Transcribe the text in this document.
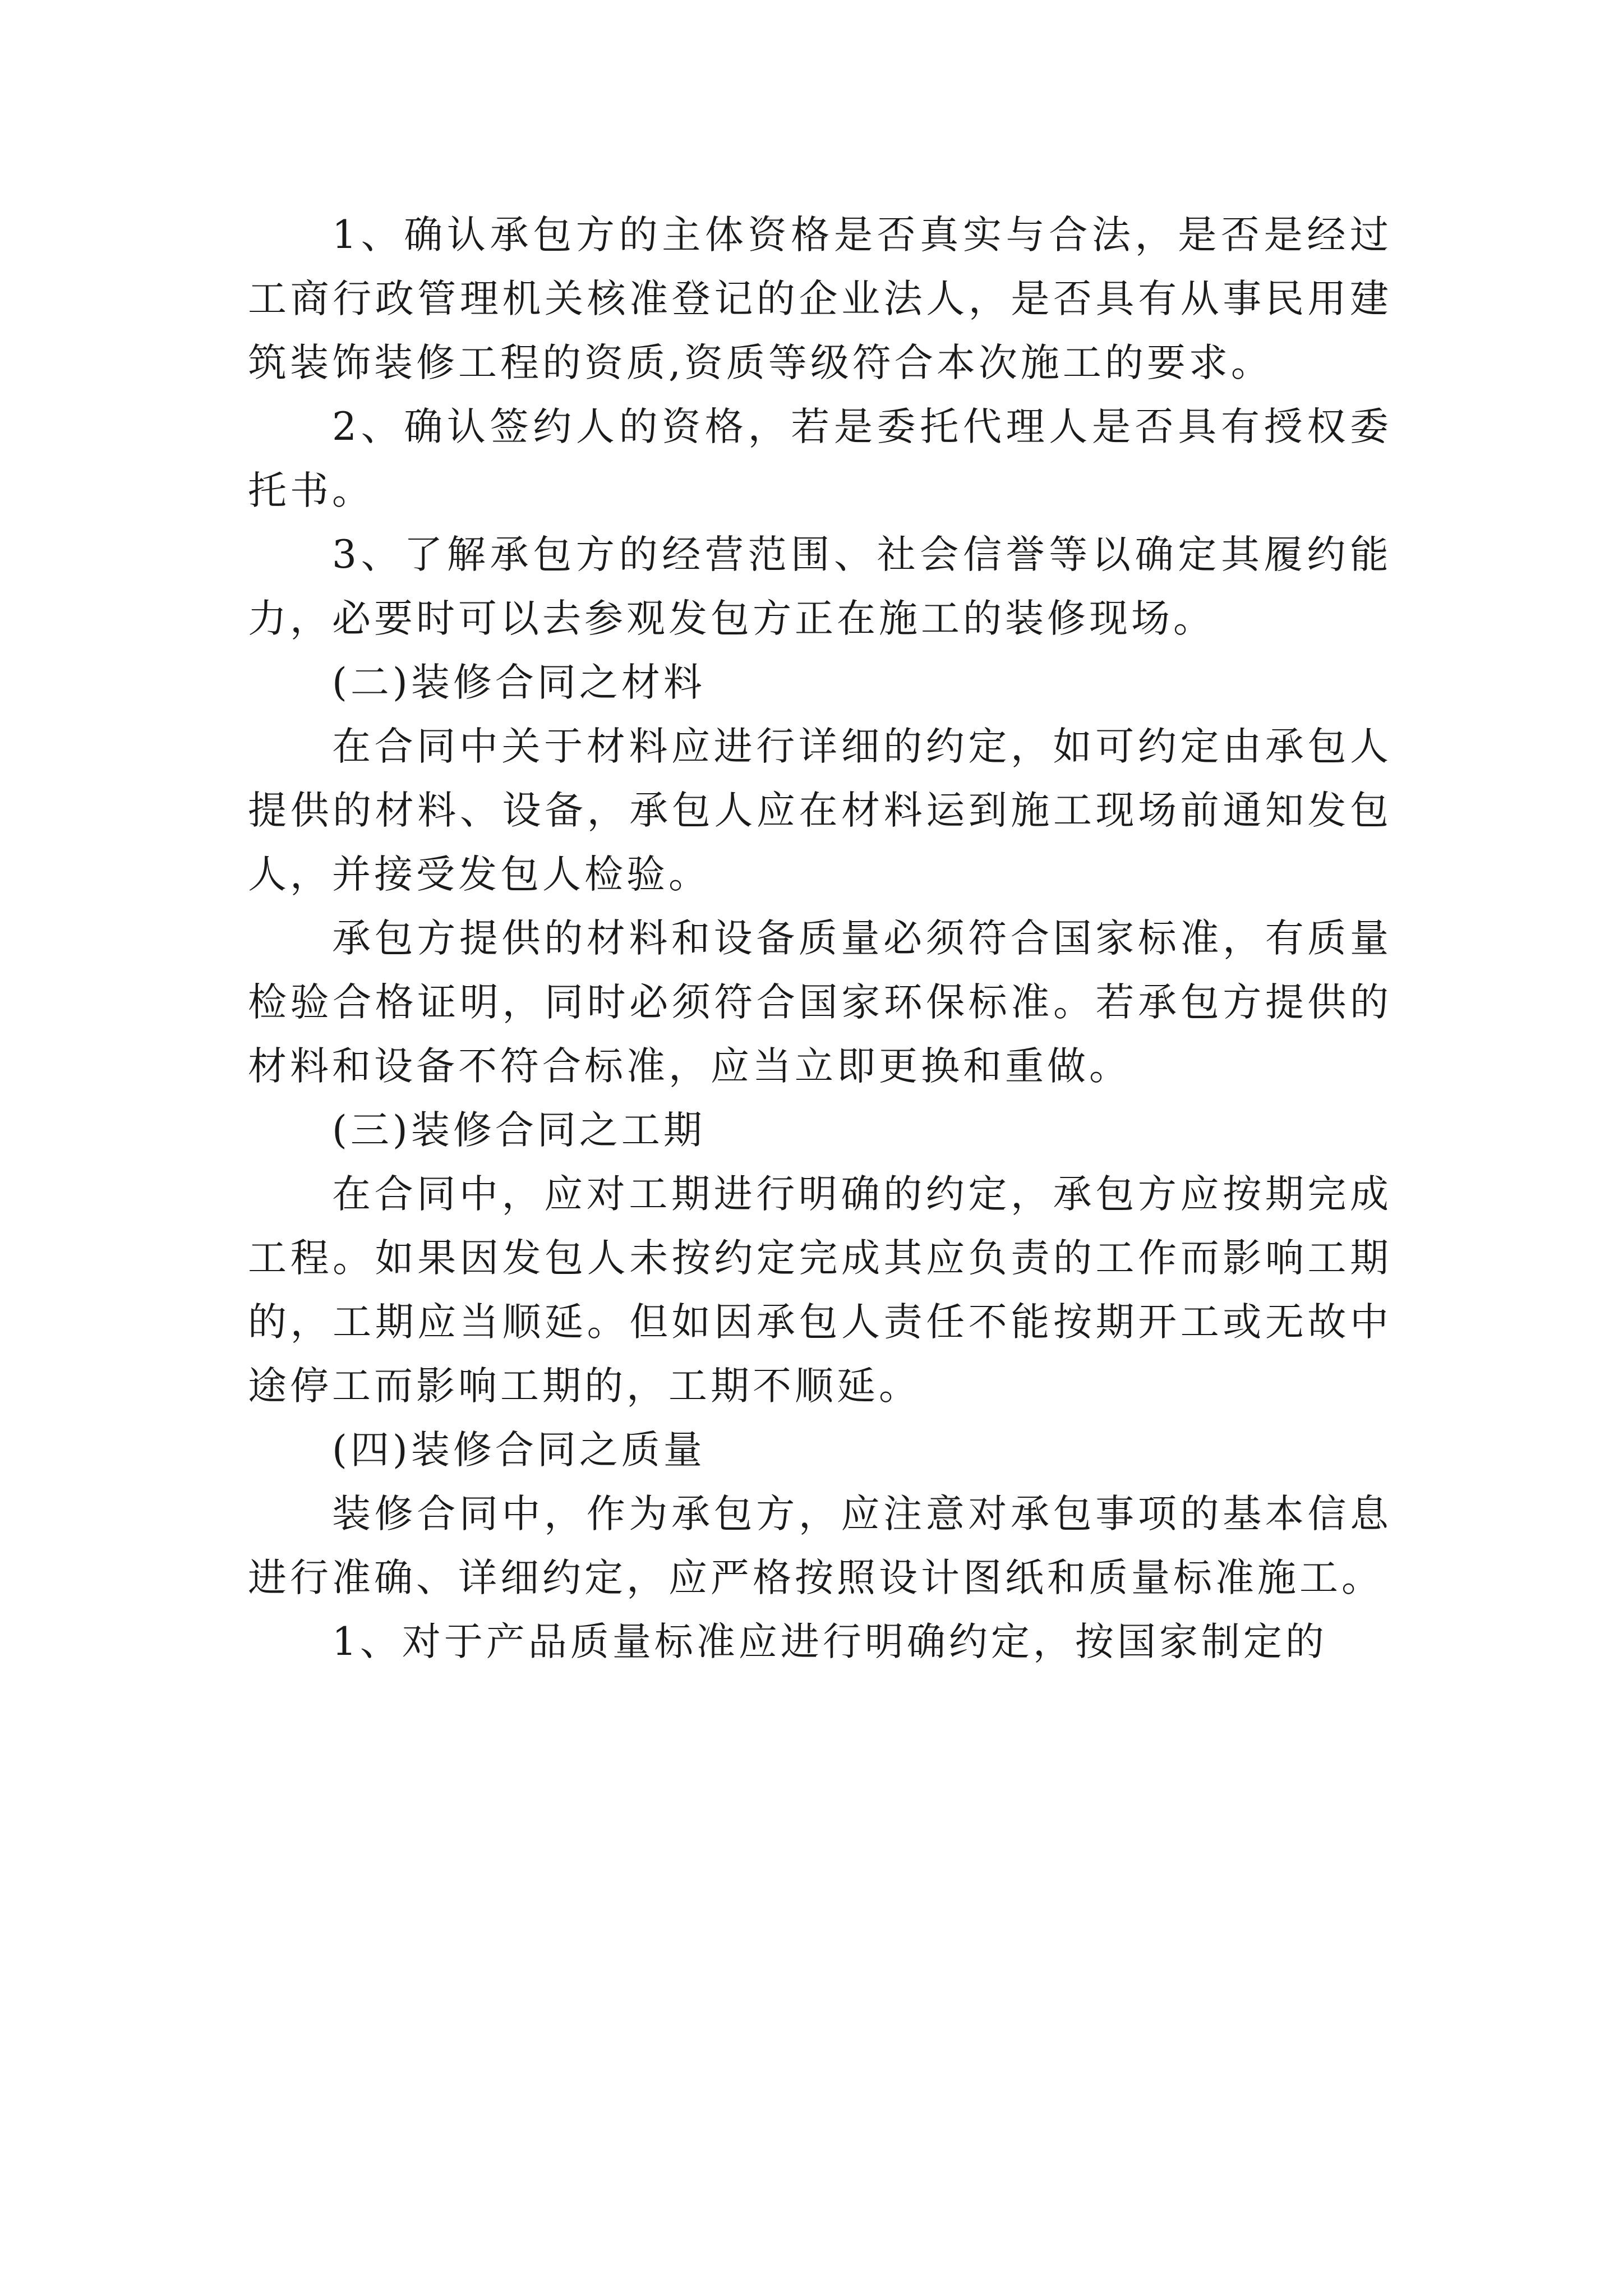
1、确认承包方的主体资格是否真实与合法，是否是经过工商行政管理机关核准登记的企业法人，是否具有从事民用建筑装饰装修工程的资质,资质等级符合本次施工的要求。

2、确认签约人的资格，若是委托代理人是否具有授权委托书。

3、了解承包方的经营范围、社会信誉等以确定其履约能力，必要时可以去参观发包方正在施工的装修现场。

(二)装修合同之材料

在合同中关于材料应进行详细的约定，如可约定由承包人提供的材料、设备，承包人应在材料运到施工现场前通知发包人，并接受发包人检验。

承包方提供的材料和设备质量必须符合国家标准，有质量检验合格证明，同时必须符合国家环保标准。若承包方提供的材料和设备不符合标准，应当立即更换和重做。

(三)装修合同之工期

在合同中，应对工期进行明确的约定，承包方应按期完成工程。如果因发包人未按约定完成其应负责的工作而影响工期的，工期应当顺延。但如因承包人责任不能按期开工或无故中途停工而影响工期的，工期不顺延。

(四)装修合同之质量

装修合同中，作为承包方，应注意对承包事项的基本信息进行准确、详细约定，应严格按照设计图纸和质量标准施工。

1、对于产品质量标准应进行明确约定，按国家制定的
